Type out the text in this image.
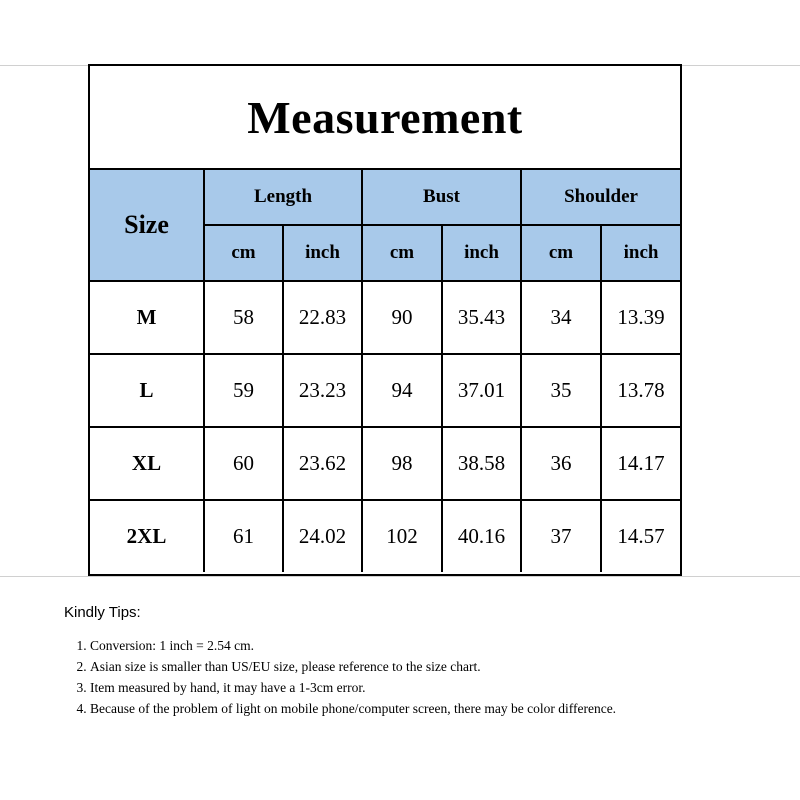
Measurement
Size	Length		Bust		Shoulder	
	cm	inch	cm	inch	cm	inch
M	58	22.83	90	35.43	34	13.39
L	59	23.23	94	37.01	35	13.78
XL	60	23.62	98	38.58	36	14.17
2XL	61	24.02	102	40.16	37	14.57
Kindly Tips:
1. Conversion: 1 inch = 2.54 cm.
2. Asian size is smaller than US/EU size, please reference to the size chart.
3. Item measured by hand, it may have a 1-3cm error.
4. Because of the problem of light on mobile phone/computer screen, there may be color difference.
